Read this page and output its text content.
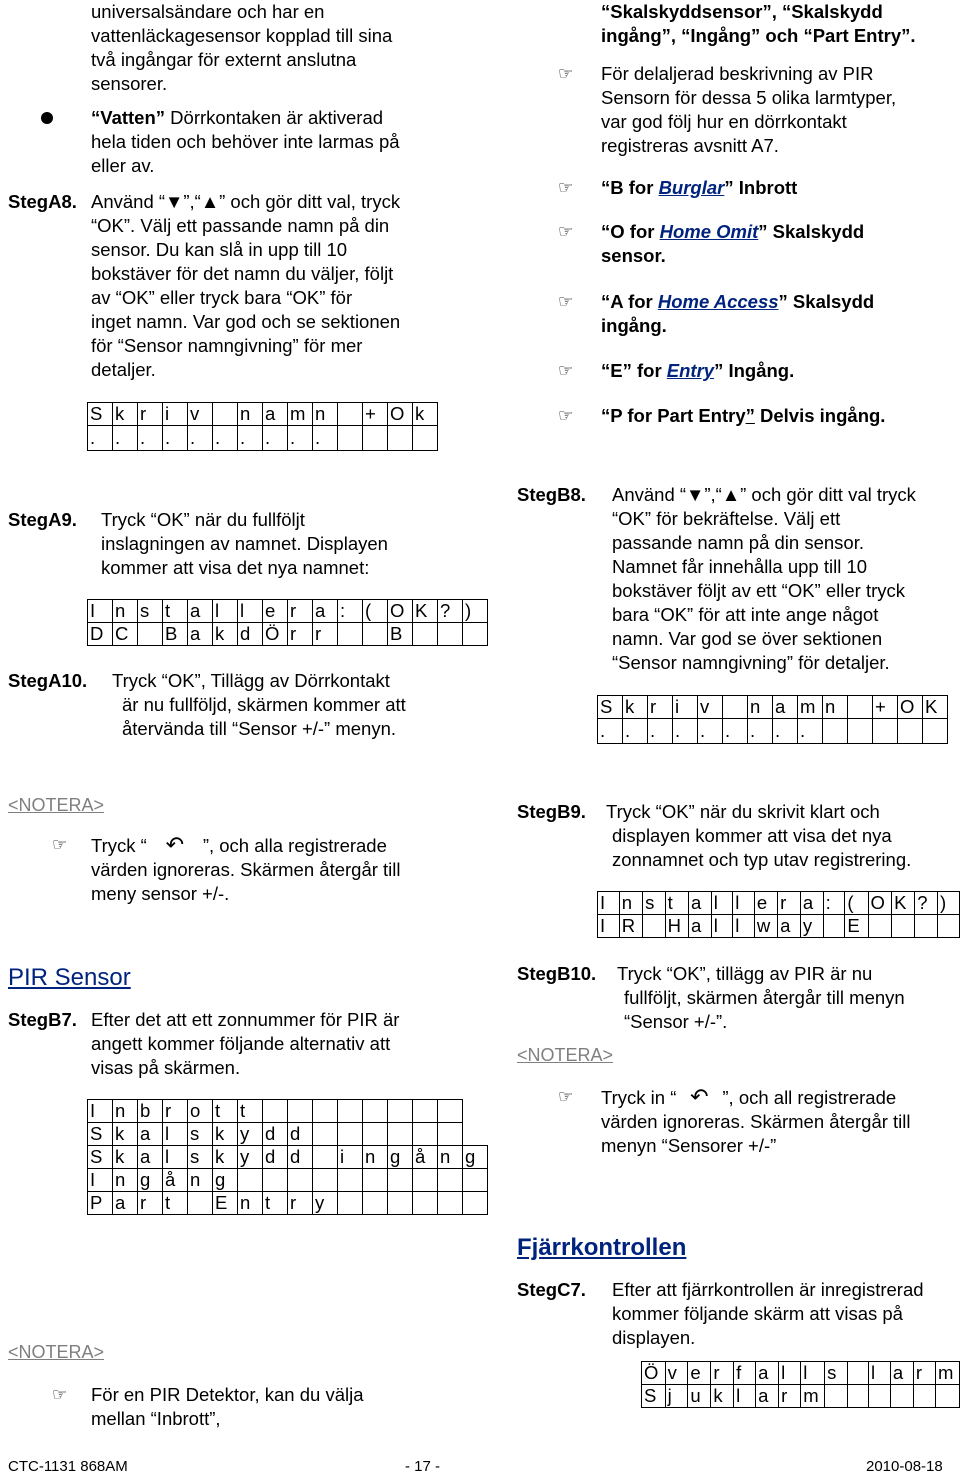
universalsändare och har en
vattenläckagesensor kopplad till sina
två ingångar för externt anslutna
sensorer.
“Vatten” Dörrkontaken är aktiverad
hela tiden och behöver inte larmas på
eller av.
StegA8. Använd “▼”,“▲” och gör ditt val, tryck
“OK”. Välj ett passande namn på din
sensor. Du kan slå in upp till 10
bokstäver för det namn du väljer, följt
av “OK” eller tryck bara “OK” för
inget namn. Var god och se sektionen
för “Sensor namngivning” för mer
detaljer.
S	k	r	i	v		n	a	m	n		+	O	k
.	.	.	.	.	.	.	.	.	.				
StegA9. Tryck “OK” när du fullföljt
inslagningen av namnet. Displayen
kommer att visa det nya namnet:
I	n	s	t	a	l	l	e	r	a	:	(	O	K	?	)
D	C		B	a	k	d	Ö	r	r			B			
StegA10. Tryck “OK”, Tillägg av Dörrkontakt
är nu fullföljd, skärmen kommer att
återvända till “Sensor +/-” menyn.
<NOTERA>
☞ Tryck “ ↶ ”, och alla registrerade
värden ignoreras. Skärmen återgår till
meny sensor +/-.
PIR Sensor
StegB7. Efter det att ett zonnummer för PIR är
angett kommer följande alternativ att
visas på skärmen.
I	n	b	r	o	t	t									
S	k	a	l	s	k	y	d	d							
S	k	a	l	s	k	y	d	d		i	n	g	å	n	g
I	n	g	å	n	g										
P	a	r	t		E	n	t	r	y						
<NOTERA>
☞ För en PIR Detektor, kan du välja
mellan “Inbrott”,
“Skalskyddsensor”, “Skalskydd
ingång”, “Ingång” och “Part Entry”.
☞ För delaljerad beskrivning av PIR
Sensorn för dessa 5 olika larmtyper,
var god följ hur en dörrkontakt
registreras avsnitt A7.
☞ “B for Burglar” Inbrott
☞ “O for Home Omit” Skalskydd
sensor.
☞ “A for Home Access” Skalsydd
ingång.
☞ “E” for Entry” Ingång.
☞ “P for Part Entry” Delvis ingång.
StegB8. Använd “▼”,“▲” och gör ditt val tryck
“OK” för bekräftelse. Välj ett
passande namn på din sensor.
Namnet får innehålla upp till 10
bokstäver följt av ett “OK” eller tryck
bara “OK” för att inte ange något
namn. Var god se över sektionen
“Sensor namngivning” för detaljer.
S	k	r	i	v		n	a	m	n		+	O	K
.	.	.	.	.	.	.	.	.					
StegB9. Tryck “OK” när du skrivit klart och
displayen kommer att visa det nya
zonnamnet och typ utav registrering.
I	n	s	t	a	l	l	e	r	a	:	(	O	K	?	)
I	R		H	a	l	l	w	a	y		E				
StegB10. Tryck “OK”, tillägg av PIR är nu
fullföljt, skärmen återgår till menyn
“Sensor +/-”.
<NOTERA>
☞ Tryck in “ ↶ ”, och all registrerade
värden ignoreras. Skärmen återgår till
menyn “Sensorer +/-”
Fjärrkontrollen
StegC7. Efter att fjärrkontrollen är inregistrerad
kommer följande skärm att visas på
displayen.
Ö	v	e	r	f	a	l	l	s		l	a	r	m
S	j	u	k	l	a	r	m						
CTC-1131 868AM	- 17 -	2010-08-18
